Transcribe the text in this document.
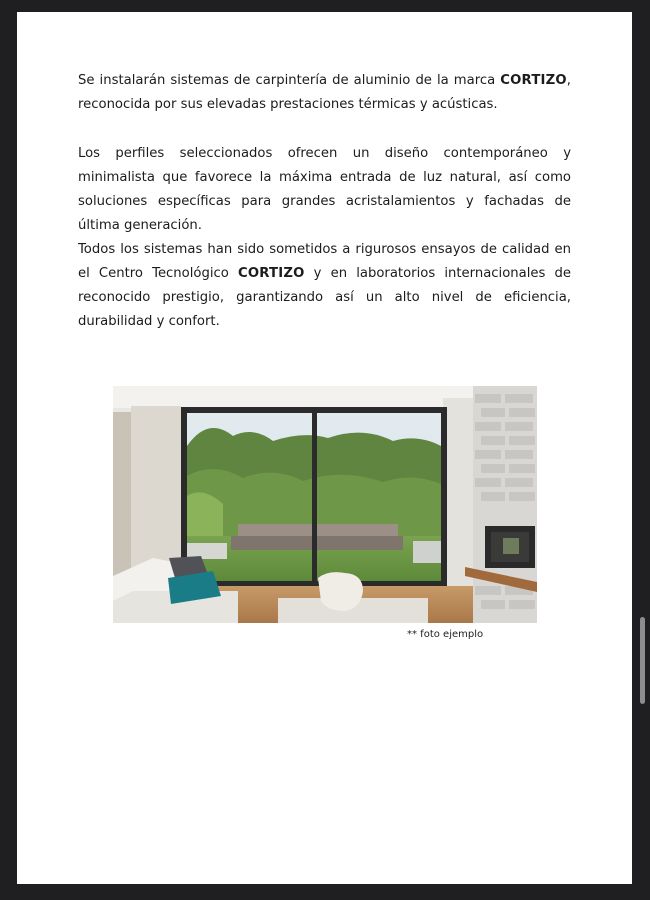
Se instalarán sistemas de carpintería de aluminio de la marca CORTIZO, reconocida por sus elevadas prestaciones térmicas y acústicas.

Los perfiles seleccionados ofrecen un diseño contemporáneo y minimalista que favorece la máxima entrada de luz natural, así como soluciones específicas para grandes acristalamientos y fachadas de última generación.

Todos los sistemas han sido sometidos a rigurosos ensayos de calidad en el Centro Tecnológico CORTIZO y en laboratorios internacionales de reconocido prestigio, garantizando así un alto nivel de eficiencia, durabilidad y confort.

** foto ejemplo
